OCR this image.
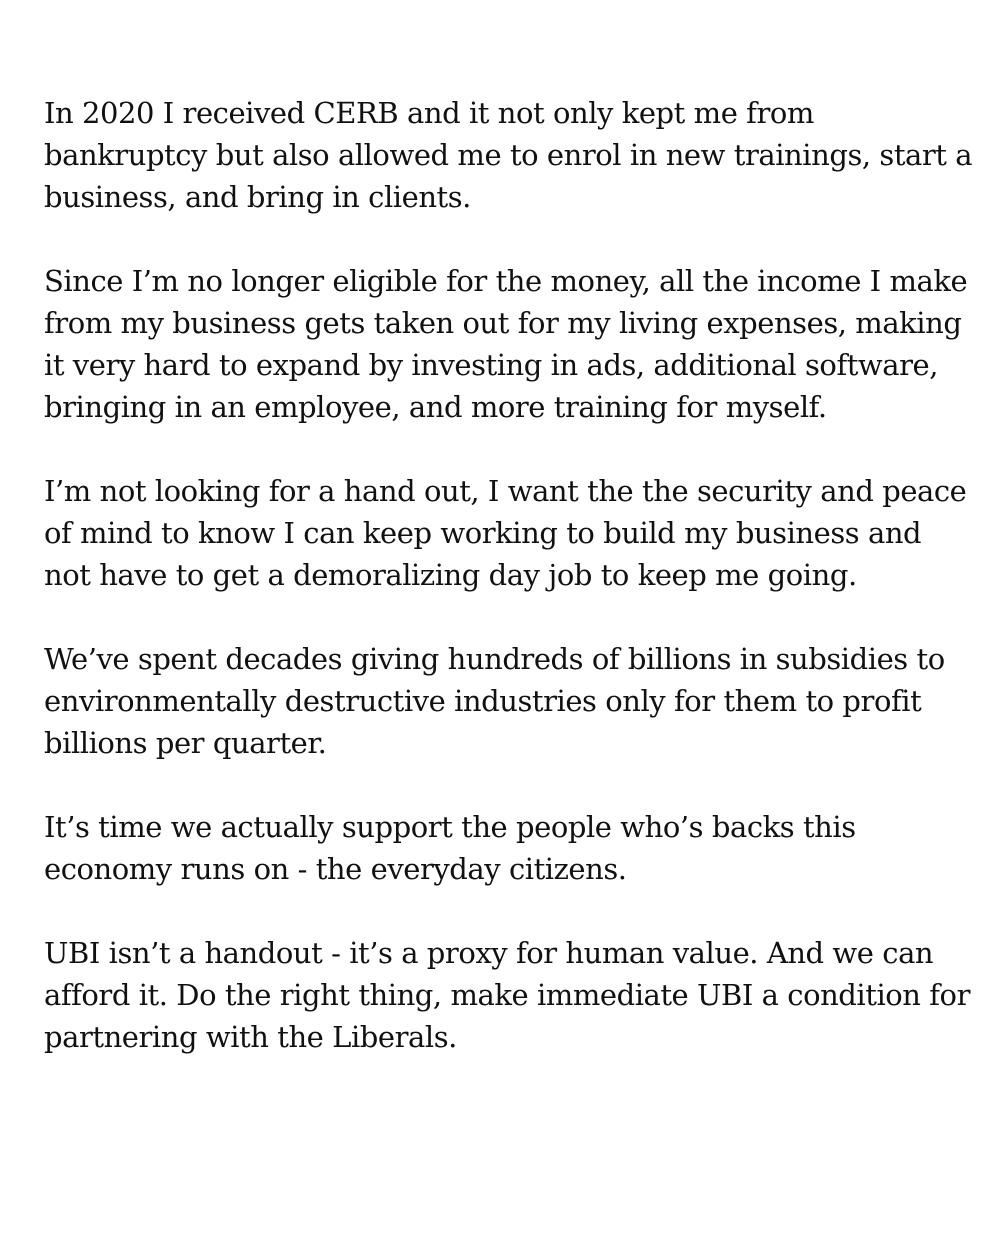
In 2020 I received CERB and it not only kept me from bankruptcy but also allowed me to enrol in new trainings, start a business, and bring in clients.

Since I’m no longer eligible for the money, all the income I make from my business gets taken out for my living expenses, making it very hard to expand by investing in ads, additional software, bringing in an employee, and more training for myself.

I’m not looking for a hand out, I want the the security and peace of mind to know I can keep working to build my business and not have to get a demoralizing day job to keep me going.

We’ve spent decades giving hundreds of billions in subsidies to environmentally destructive industries only for them to profit billions per quarter.

It’s time we actually support the people who’s backs this economy runs on - the everyday citizens.

UBI isn’t a handout - it’s a proxy for human value. And we can afford it. Do the right thing, make immediate UBI a condition for partnering with the Liberals.
